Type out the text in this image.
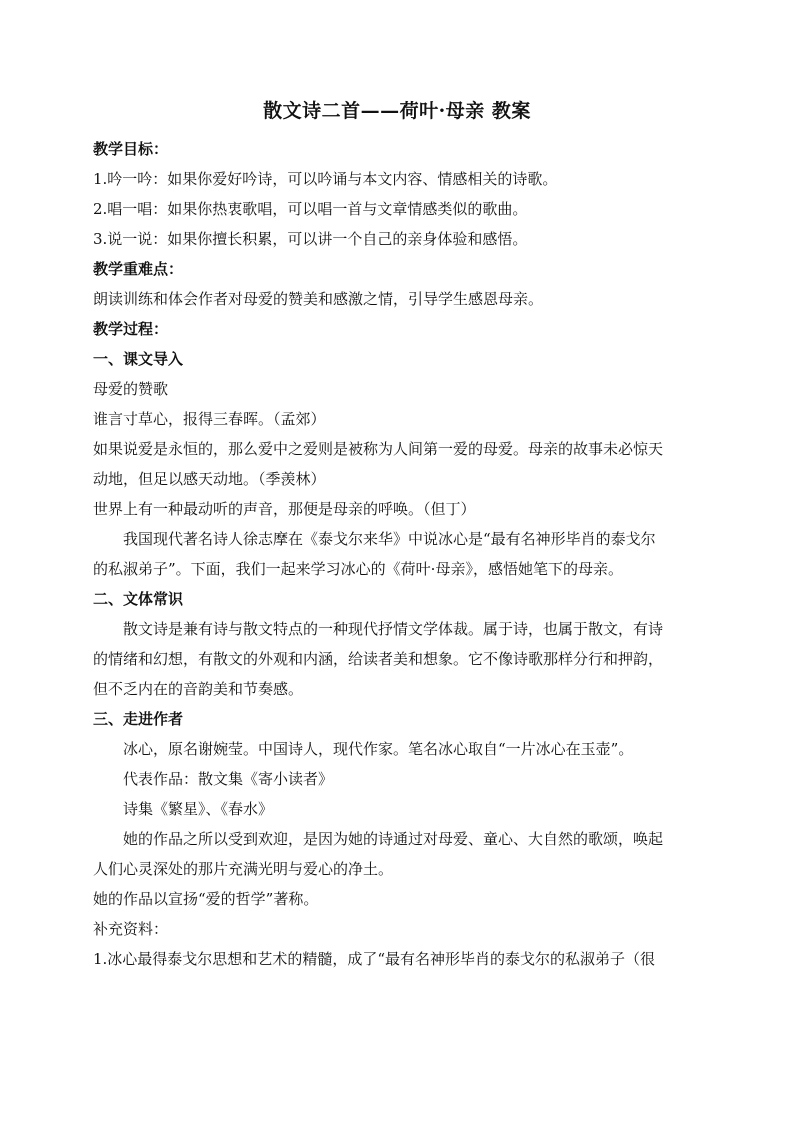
散文诗二首——荷叶·母亲 教案

教学目标：

1.吟一吟：如果你爱好吟诗，可以吟诵与本文内容、情感相关的诗歌。

2.唱一唱：如果你热衷歌唱，可以唱一首与文章情感类似的歌曲。

3.说一说：如果你擅长积累，可以讲一个自己的亲身体验和感悟。

教学重难点：

朗读训练和体会作者对母爱的赞美和感激之情，引导学生感恩母亲。

教学过程：

一、课文导入

母爱的赞歌

谁言寸草心，报得三春晖。（孟郊）

如果说爱是永恒的，那么爱中之爱则是被称为人间第一爱的母爱。母亲的故事未必惊天

动地，但足以感天动地。（季羡林）

世界上有一种最动听的声音，那便是母亲的呼唤。（但丁）

我国现代著名诗人徐志摩在《泰戈尔来华》中说冰心是“最有名神形毕肖的泰戈尔

的私淑弟子”。下面，我们一起来学习冰心的《荷叶·母亲》，感悟她笔下的母亲。

二、文体常识

散文诗是兼有诗与散文特点的一种现代抒情文学体裁。属于诗，也属于散文，有诗

的情绪和幻想，有散文的外观和内涵，给读者美和想象。它不像诗歌那样分行和押韵，

但不乏内在的音韵美和节奏感。

三、走进作者

冰心，原名谢婉莹。中国诗人，现代作家。笔名冰心取自“一片冰心在玉壶”。

代表作品：散文集《寄小读者》

诗集《繁星》、《春水》

她的作品之所以受到欢迎，是因为她的诗通过对母爱、童心、大自然的歌颂，唤起

人们心灵深处的那片充满光明与爱心的净土。

她的作品以宣扬“爱的哲学”著称。

补充资料：

1.冰心最得泰戈尔思想和艺术的精髓，成了“最有名神形毕肖的泰戈尔的私淑弟子（很
